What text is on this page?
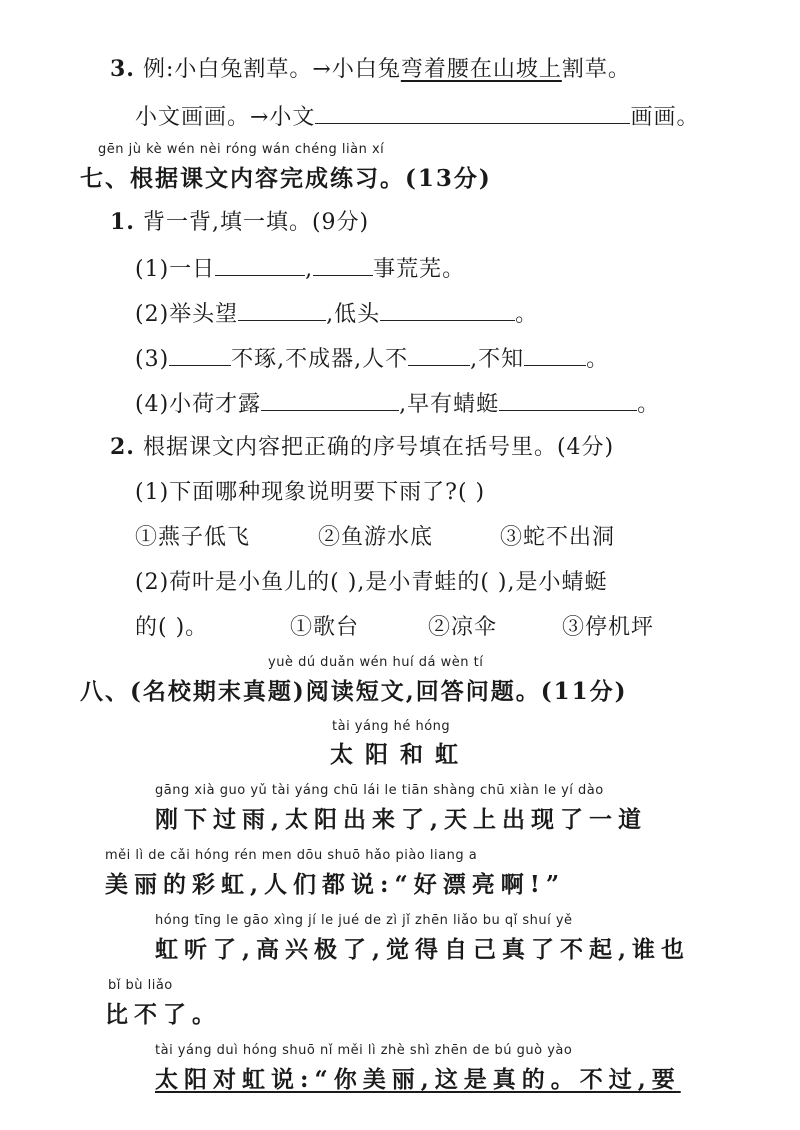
3. 例:小白兔割草。→小白兔弯着腰在山坡上割草。
小文画画。→小文	画画。
gēn jù kè wén nèi róng wán chéng liàn xí
七、根据课文内容完成练习。(13分)
1. 背一背,填一填。(9分)
(1)一日	,	事荒芜。
(2)举头望	,低头	。
(3)	不琢,不成器,人不	,不知	。
(4)小荷才露	,早有蜻蜓	。
2. 根据课文内容把正确的序号填在括号里。(4分)
(1)下面哪种现象说明要下雨了?( )
①燕子低飞	②鱼游水底	③蛇不出洞
(2)荷叶是小鱼儿的( ),是小青蛙的( ),是小蜻蜓
的( )。	①歌台	②凉伞	③停机坪
yuè dú duǎn wén huí dá wèn tí
八、(名校期末真题)阅读短文,回答问题。(11分)
tài yáng hé hóng
太阳和虹
gāng xià guo yǔ tài yáng chū lái le tiān shàng chū xiàn le yí dào
刚下过雨,太阳出来了,天上出现了一道
měi lì de cǎi hóng rén men dōu shuō hǎo piào liang a
美丽的彩虹,人们都说:“好漂亮啊!”
hóng tīng le gāo xìng jí le jué de zì jǐ zhēn liǎo bu qǐ shuí yě
虹听了,高兴极了,觉得自己真了不起,谁也
bǐ bù liǎo
比不了。
tài yáng duì hóng shuō nǐ měi lì zhè shì zhēn de bú guò yào
太阳对虹说:“你美丽,这是真的。不过,要
